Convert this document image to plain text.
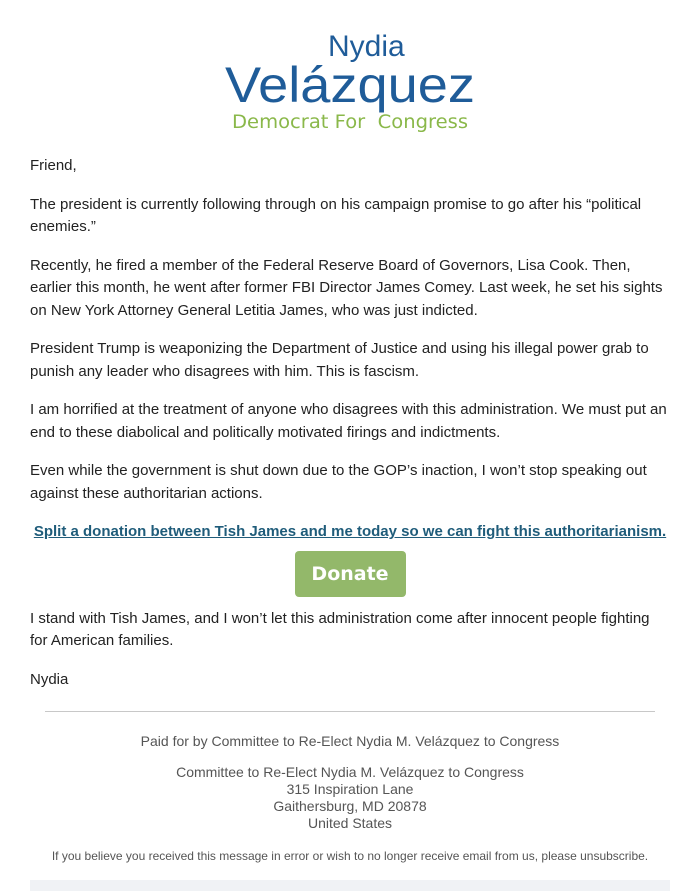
Nydia
Velázquez
Democrat For  Congress

Friend,

The president is currently following through on his campaign promise to go after his “political enemies.”

Recently, he fired a member of the Federal Reserve Board of Governors, Lisa Cook. Then, earlier this month, he went after former FBI Director James Comey. Last week, he set his sights on New York Attorney General Letitia James, who was just indicted.

President Trump is weaponizing the Department of Justice and using his illegal power grab to punish any leader who disagrees with him. This is fascism.

I am horrified at the treatment of anyone who disagrees with this administration. We must put an end to these diabolical and politically motivated firings and indictments.

Even while the government is shut down due to the GOP’s inaction, I won’t stop speaking out against these authoritarian actions.

Split a donation between Tish James and me today so we can fight this authoritarianism.
Donate

I stand with Tish James, and I won’t let this administration come after innocent people fighting for American families.

Nydia

Paid for by Committee to Re-Elect Nydia M. Velázquez to Congress
Committee to Re-Elect Nydia M. Velázquez to Congress
315 Inspiration Lane
Gaithersburg, MD 20878
United States
If you believe you received this message in error or wish to no longer receive email from us, please unsubscribe.
